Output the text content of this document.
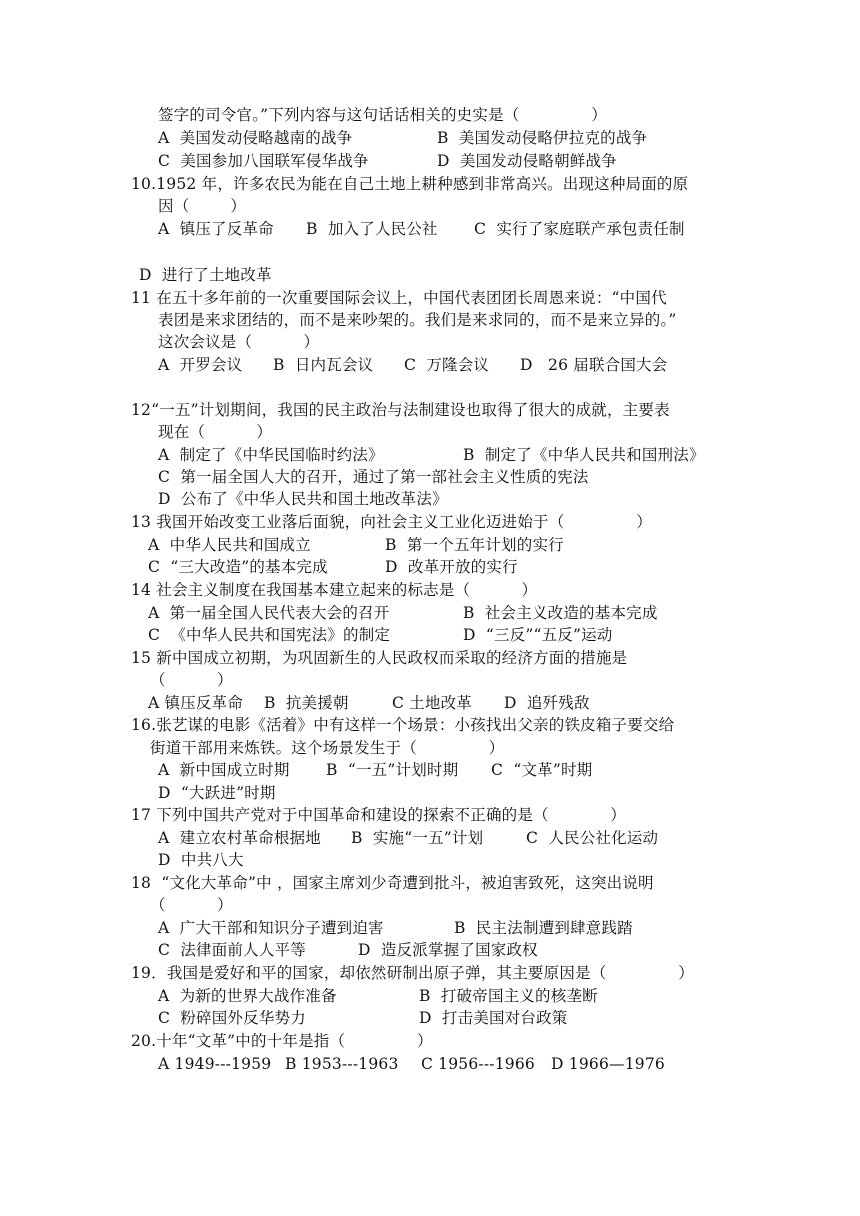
签字的司令官。”下列内容与这句话话相关的史实是（              ）
A  美国发动侵略越南的战争	B  美国发动侵略伊拉克的战争
C  美国参加八国联军侵华战争	D  美国发动侵略朝鲜战争
10.1952 年，许多农民为能在自己土地上耕种感到非常高兴。出现这种局面的原
因（        ）
A  镇压了反革命 B  加入了人民公社 C  实行了家庭联产承包责任制
D  进行了土地改革
11 在五十多年前的一次重要国际会议上，中国代表团团长周恩来说：“中国代
表团是来求团结的，而不是来吵架的。我们是来求同的，而不是来立异的。”
这次会议是（          ）
A  开罗会议 B  日内瓦会议 C  万隆会议 D   26 届联合国大会
12“一五”计划期间，我国的民主政治与法制建设也取得了很大的成就，主要表
现在（          ）
A  制定了《中华民国临时约法》	B  制定了《中华人民共和国刑法》
C  第一届全国人大的召开，通过了第一部社会主义性质的宪法
D  公布了《中华人民共和国土地改革法》
13 我国开始改变工业落后面貌，向社会主义工业化迈进始于（              ）
A  中华人民共和国成立	B  第一个五年计划的实行
C  “三大改造”的基本完成	D  改革开放的实行
14 社会主义制度在我国基本建立起来的标志是（          ）
A  第一届全国人民代表大会的召开	B  社会主义改造的基本完成
C  《中华人民共和国宪法》的制定	D  “三反”“五反”运动
15 新中国成立初期，为巩固新生的人民政权而采取的经济方面的措施是
（          ）
A 镇压反革命 B  抗美援朝	C 土地改革 D  追歼残敌
16.张艺谋的电影《活着》中有这样一个场景：小孩找出父亲的铁皮箱子要交给
街道干部用来炼铁。这个场景发生于（              ）
A  新中国成立时期 B  “一五”计划时期 C  “文革”时期
D  “大跃进”时期
17 下列中国共产党对于中国革命和建设的探索不正确的是（            ）
A  建立农村革命根据地 B  实施“一五”计划	C  人民公社化运动
D  中共八大
18  “文化大革命”中 ，国家主席刘少奇遭到批斗，被迫害致死，这突出说明
（          ）
A  广大干部和知识分子遭到迫害	B  民主法制遭到肆意践踏
C  法律面前人人平等	D  造反派掌握了国家政权
19．我国是爱好和平的国家，却依然研制出原子弹，其主要原因是（              ）
A  为新的世界大战作准备	B  打破帝国主义的核垄断
C  粉碎国外反华势力	D  打击美国对台政策
20.十年“文革”中的十年是指（              ）
A 1949---1959 B 1953---1963 C 1956---1966 D 1966—1976
